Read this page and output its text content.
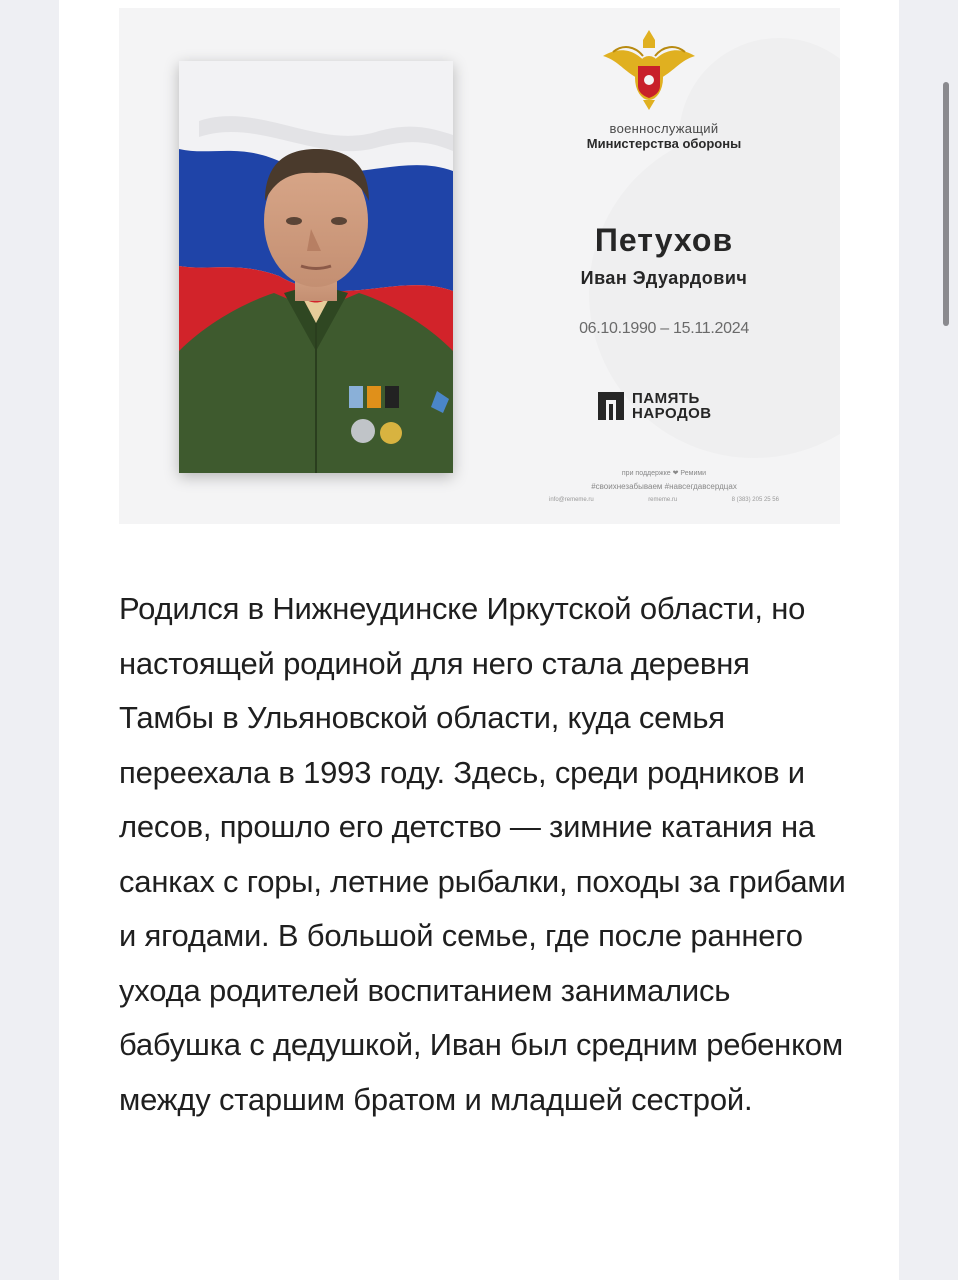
военнослужащий
Министерства обороны
Петухов
Иван Эдуардович
06.10.1990 – 15.11.2024
ПАМЯТЬ
НАРОДОВ
при поддержке ❤ Ремими
#своихнезабываем #навсегдавсердцах
info@rememe.ru	rememe.ru	8 (383) 205 25 56

Родился в Нижнеудинске Иркутской области, но настоящей родиной для него стала деревня Тамбы в Ульяновской области, куда семья переехала в 1993 году. Здесь, среди родников и лесов, прошло его детство — зимние катания на санках с горы, летние рыбалки, походы за грибами и ягодами. В большой семье, где после раннего ухода родителей воспитанием занимались бабушка с дедушкой, Иван был средним ребенком между старшим братом и младшей сестрой.
